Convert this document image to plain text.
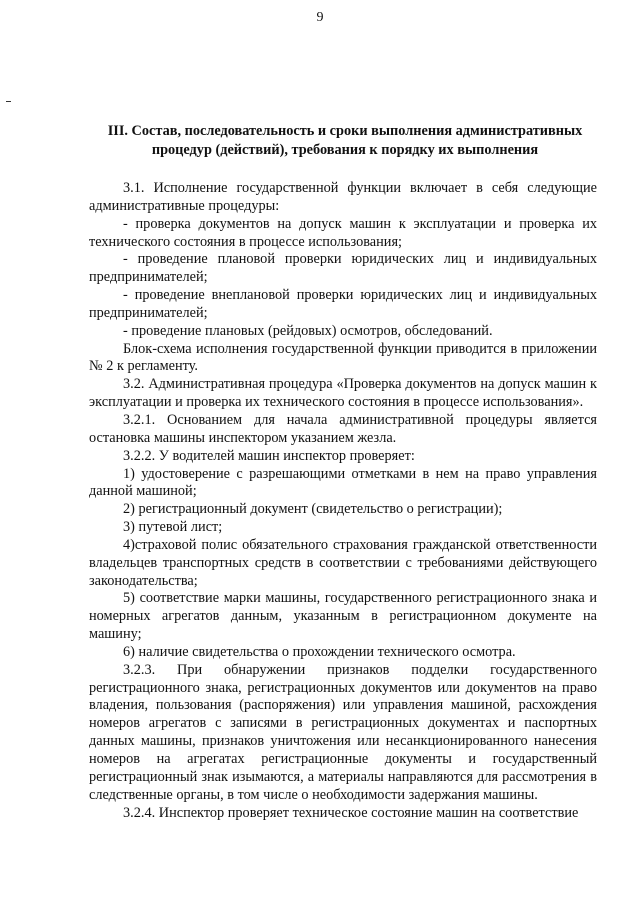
9
III. Состав, последовательность и сроки выполнения административных
процедур (действий), требования к порядку их выполнения

3.1. Исполнение государственной функции включает в себя следующие административные процедуры:

- проверка документов на допуск машин к эксплуатации и проверка их технического состояния в процессе использования;

- проведение плановой проверки юридических лиц и индивидуальных предпринимателей;

- проведение внеплановой проверки юридических лиц и индивидуальных предпринимателей;

- проведение плановых (рейдовых) осмотров, обследований.

Блок-схема исполнения государственной функции приводится в приложении № 2 к регламенту.

3.2. Административная процедура «Проверка документов на допуск машин к эксплуатации и проверка их технического состояния в процессе использования».

3.2.1. Основанием для начала административной процедуры является остановка машины инспектором указанием жезла.

3.2.2. У водителей машин инспектор проверяет:

1) удостоверение с разрешающими отметками в нем на право управления данной машиной;

2) регистрационный документ (свидетельство о регистрации);

3) путевой лист;

4)страховой полис обязательного страхования гражданской ответственности владельцев транспортных средств в соответствии с требованиями действующего законодательства;

5) соответствие марки машины, государственного регистрационного знака и номерных агрегатов данным, указанным в регистрационном документе на машину;

6) наличие свидетельства о прохождении технического осмотра.

3.2.3. При обнаружении признаков подделки государственного регистрационного знака, регистрационных документов или документов на право владения, пользования (распоряжения) или управления машиной, расхождения номеров агрегатов с записями в регистрационных документах и паспортных данных машины, признаков уничтожения или несанкционированного нанесения номеров на агрегатах регистрационные документы и государственный регистрационный знак изымаются, а материалы направляются для рассмотрения в следственные органы, в том числе о необходимости задержания машины.

3.2.4. Инспектор проверяет техническое состояние машин на соответствие
